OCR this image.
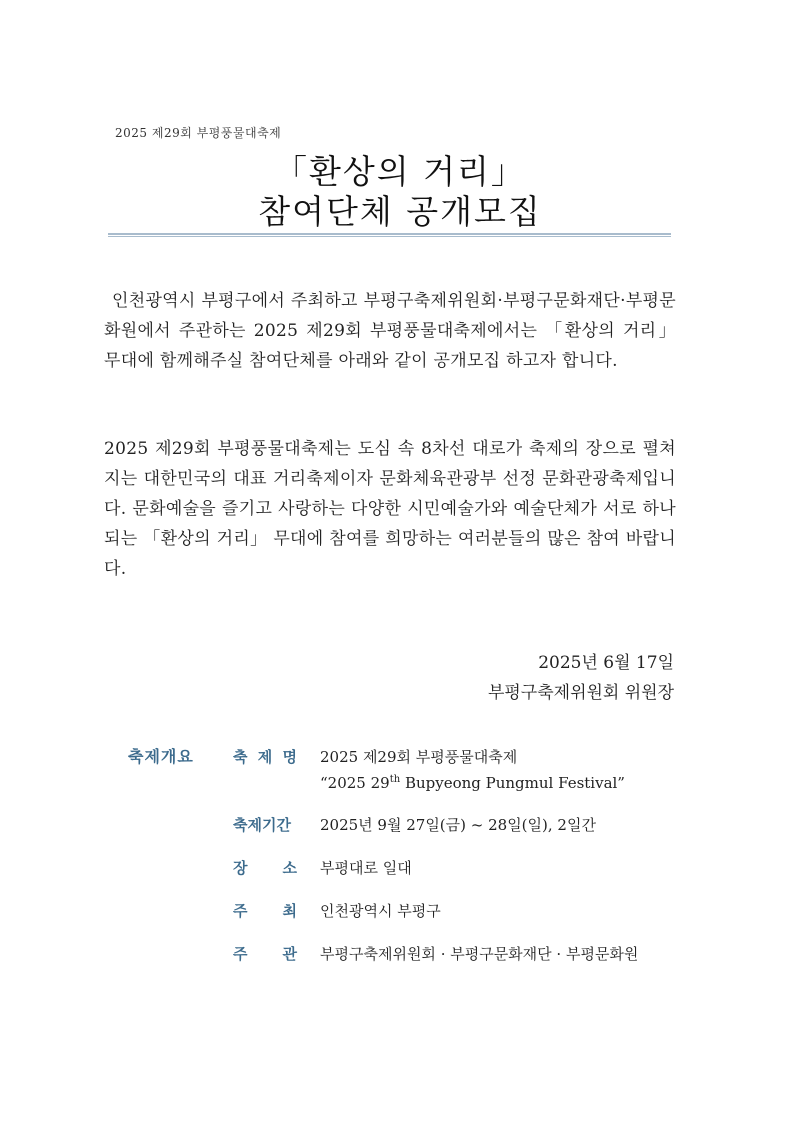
2025 제29회 부평풍물대축제
「환상의 거리」
참여단체 공개모집
인천광역시 부평구에서 주최하고 부평구축제위원회·부평구문화재단·부평문화원에서 주관하는 2025 제29회 부평풍물대축제에서는 「환상의 거리」 무대에 함께해주실 참여단체를 아래와 같이 공개모집 하고자 합니다.
2025 제29회 부평풍물대축제는 도심 속 8차선 대로가 축제의 장으로 펼쳐지는 대한민국의 대표 거리축제이자 문화체육관광부 선정 문화관광축제입니다. 문화예술을 즐기고 사랑하는 다양한 시민예술가와 예술단체가 서로 하나되는 「환상의 거리」 무대에 참여를 희망하는 여러분들의 많은 참여 바랍니다.
2025년 6월 17일
부평구축제위원회 위원장
축제개요	축 제 명 2025 제29회 부평풍물대축제
“2025 29th Bupyeong Pungmul Festival”
축제기간	2025년 9월 27일(금) ~ 28일(일), 2일간
장 소 부평대로 일대
주 최 인천광역시 부평구
주 관 부평구축제위원회 · 부평구문화재단 · 부평문화원
